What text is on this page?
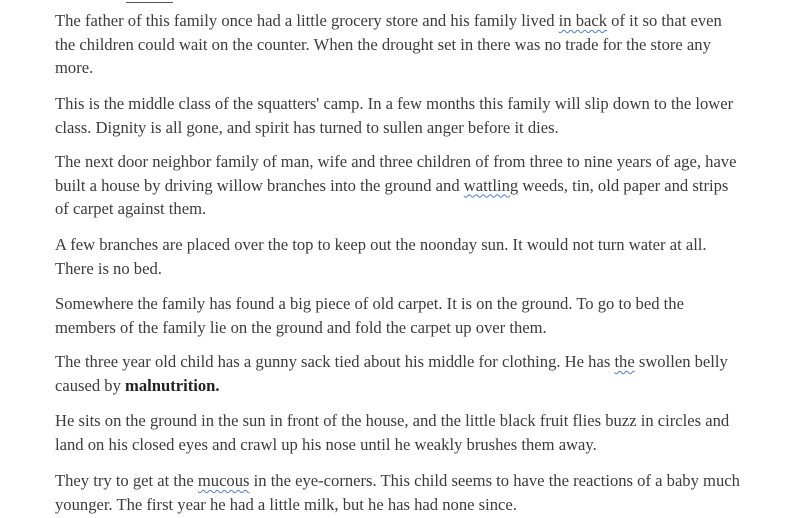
The father of this family once had a little grocery store and his family lived in back of it so that even the children could wait on the counter. When the drought set in there was no trade for the store any more.

This is the middle class of the squatters' camp. In a few months this family will slip down to the lower class. Dignity is all gone, and spirit has turned to sullen anger before it dies.

The next door neighbor family of man, wife and three children of from three to nine years of age, have built a house by driving willow branches into the ground and wattling weeds, tin, old paper and strips of carpet against them.

A few branches are placed over the top to keep out the noonday sun. It would not turn water at all. There is no bed.

Somewhere the family has found a big piece of old carpet. It is on the ground. To go to bed the members of the family lie on the ground and fold the carpet up over them.

The three year old child has a gunny sack tied about his middle for clothing. He has the swollen belly caused by malnutrition.

He sits on the ground in the sun in front of the house, and the little black fruit flies buzz in circles and land on his closed eyes and crawl up his nose until he weakly brushes them away.

They try to get at the mucous in the eye-corners. This child seems to have the reactions of a baby much younger. The first year he had a little milk, but he has had none since.
